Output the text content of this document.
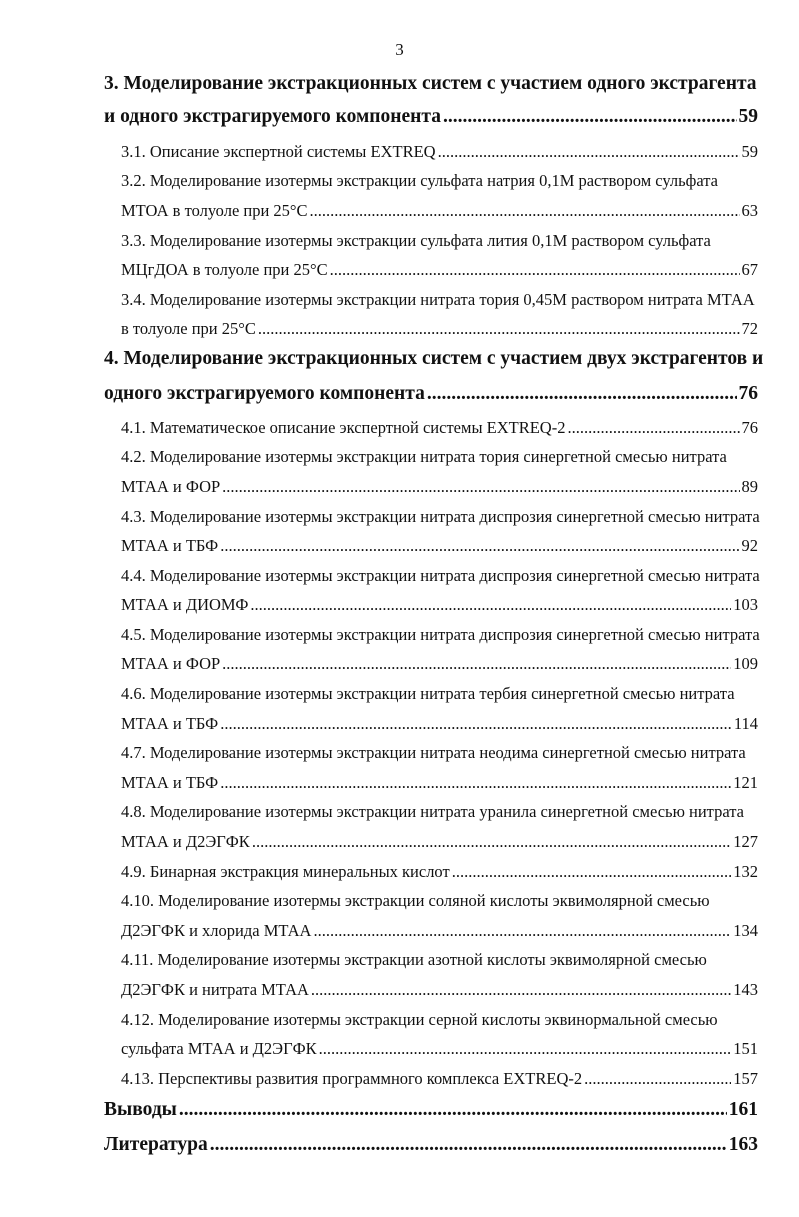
3
3. Моделирование экстракционных систем с участием одного экстрагента
и одного экстрагируемого компонента .....	59
3.1. Описание экспертной системы EXTREQ .....	59
3.2. Моделирование изотермы экстракции сульфата натрия 0,1М раствором сульфата
МТОА в толуоле при 25°С .....	63
3.3. Моделирование изотермы экстракции сульфата лития 0,1М раствором сульфата
МЦгДОА в толуоле при 25°С .....	67
3.4. Моделирование изотермы экстракции нитрата тория 0,45М раствором нитрата МТАА
в толуоле при 25°С .....	72
4. Моделирование экстракционных систем с участием двух экстрагентов и
одного экстрагируемого компонента .....	76
4.1. Математическое описание экспертной системы EXTREQ-2 .....	76
4.2. Моделирование изотермы экстракции нитрата тория синергетной смесью нитрата
МТАА и ФОР .....	89
4.3. Моделирование изотермы экстракции нитрата диспрозия синергетной смесью нитрата
МТАА и ТБФ .....	92
4.4. Моделирование изотермы экстракции нитрата диспрозия синергетной смесью нитрата
МТАА и ДИОМФ .....	103
4.5. Моделирование изотермы экстракции нитрата диспрозия синергетной смесью нитрата
МТАА и ФОР .....	109
4.6. Моделирование изотермы экстракции нитрата тербия синергетной смесью нитрата
МТАА и ТБФ .....	114
4.7. Моделирование изотермы экстракции нитрата неодима синергетной смесью нитрата
МТАА и ТБФ .....	121
4.8. Моделирование изотермы экстракции нитрата уранила синергетной смесью нитрата
МТАА и Д2ЭГФК .....	127
4.9. Бинарная экстракция минеральных кислот .....	132
4.10. Моделирование изотермы экстракции соляной кислоты эквимолярной смесью
Д2ЭГФК и хлорида МТАА .....	134
4.11. Моделирование изотермы экстракции азотной кислоты эквимолярной смесью
Д2ЭГФК и нитрата МТАА .....	143
4.12. Моделирование изотермы экстракции серной кислоты эквинормальной смесью
сульфата МТАА и Д2ЭГФК .....	151
4.13. Перспективы развития программного комплекса EXTREQ-2 .....	157
Выводы .....	161
Литература .....	163
